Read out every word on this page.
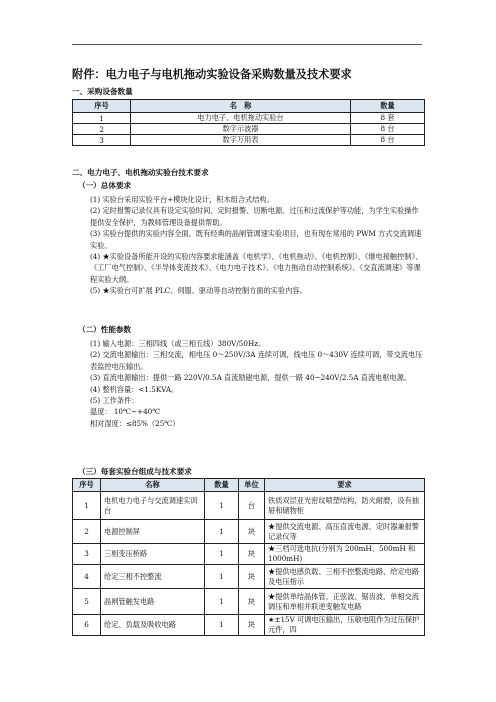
附件：电力电子与电机拖动实验设备采购数量及技术要求
一、采购设备数量
序号	名　称	数量
1	电力电子、电机拖动实验台	8 套
2	数字示波器	8 台
3	数字万用表	8 台
二、电力电子、电机拖动实验台技术要求
（一）总体要求
(1) 实验台采用实验平台+模块化设计，积木组合式结构。
(2) 定时报警记录仪具有设定实验时间、定时报警、切断电源、过压和过流保护等功能，为学生实验操作提供安全保护，为教师管理设备提供帮助。
(3) 实验台提供的实验内容全面，既有经典的晶闸管调速实验项目，也有现在常用的 PWM 方式交流调速实验。
(4) ★实验设备所能开设的实验内容要求能涵盖《电机学》、《电机拖动》、《电机控制》、《继电接触控制》、《工厂电气控制》、《半导体变流技术》、《电力电子技术》、《电力拖动自动控制系统》、《交直流调速》等课程实验大纲。
(5) ★实验台可扩展 PLC、伺服、驱动等自动控制方面的实验内容。
（二）性能参数
(1) 输入电源：三相四线（或三相五线）380V/50Hz。
(2) 交流电源输出：三相交流，相电压 0～250V/3A 连续可调，线电压 0～430V 连续可调，带交流电压表监控电压输出。
(3) 直流电源输出：提供一路 220V/0.5A 直流励磁电源，提供一路 40~240V/2.5A 直流电枢电源。
(4) 整机容量：<1.5KVA。
(5) 工作条件：
温度： 10℃~+40℃
相对湿度：≤85%（25℃）
（三）每套实验台组成与技术要求
序号	名称	数量	单位	要求
1	电机电力电子与交流调速实训台	1	台	铁质双层亚光密纹喷塑结构，防火耐磨，设有抽屉和储物柜
2	电源控制屏	1	块	★提供交流电源、高压直流电源、定时器兼报警记录仪等
3	三相变压桥路	1	块	★三档可选电抗(分别为 200mH、500mH 和 1000mH)
4	给定三相不控整流	1	块	★提供电感负载、三相不控整流电路、给定电路及电压指示
5	晶闸管触发电路	1	块	★提供单结晶体管、正弦波、锯齿波、单相交流调压和单相并联逆变触发电路
6	给定、负载及吸收电路	1	块	★±15V 可调电压输出，压敏电阻作为过压保护元件，四
